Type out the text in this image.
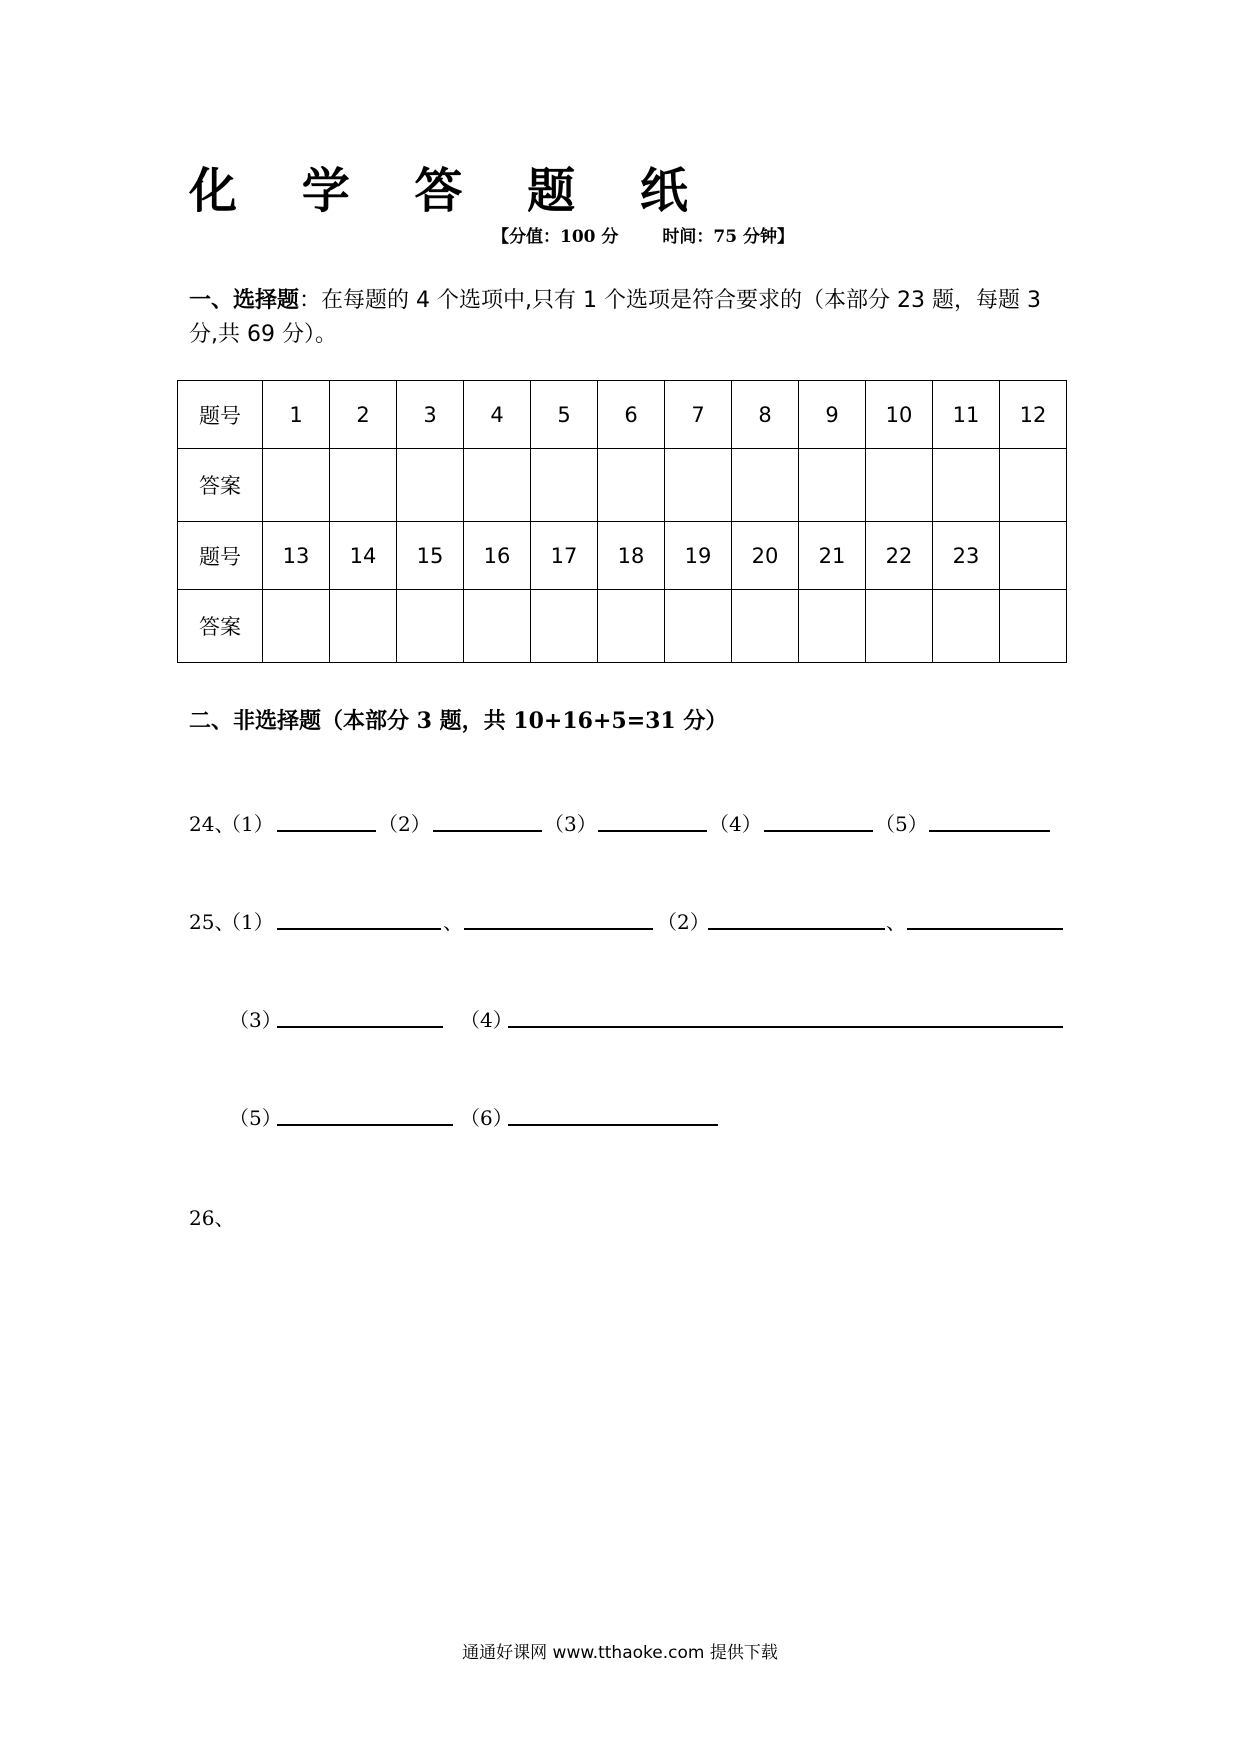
化 学 答 题 纸
【分值：100 分	时间：75 分钟】
一、选择题：在每题的 4 个选项中,只有 1 个选项是符合要求的（本部分 23 题，每题 3 分,共 69 分）。
题号	1	2	3	4	5	6	7	8	9	10	11	12
答案												
题号	13	14	15	16	17	18	19	20	21	22	23	
答案												
二、非选择题（本部分 3 题，共 10+16+5=31 分）
24、
（1）	（2）	（3）	（4）	（5）
25、
（1）	、	（2）	、
（3）	（4）
（5）	（6）
26、
通通好课网 www.tthaoke.com 提供下载
